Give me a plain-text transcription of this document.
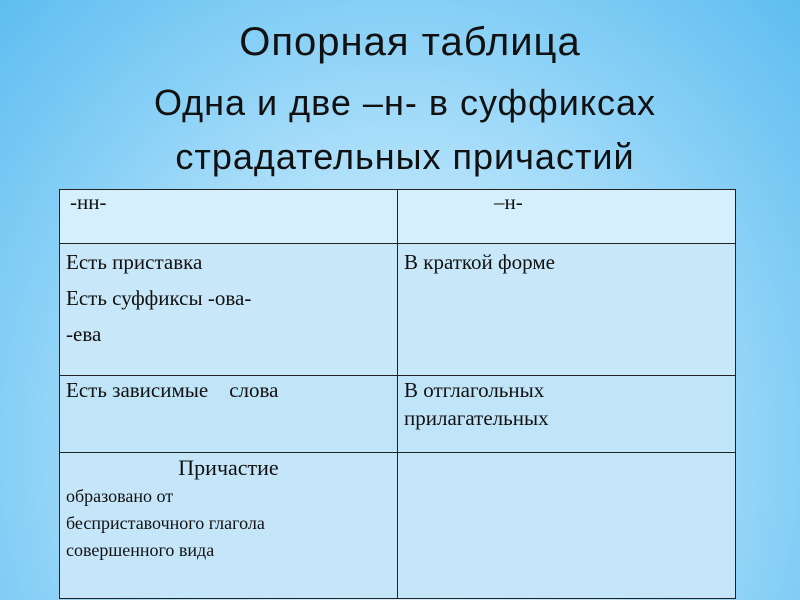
Опорная таблица
Одна и две –н- в суффиксах
страдательных причастий
-нн-	–н-

Есть приставка
Есть суффиксы -ова-
-ева	В краткой форме

Есть зависимые    слова	В отглагольных
прилагательных

Причастие
образовано от
бесприставочного глагола
совершенного вида	
